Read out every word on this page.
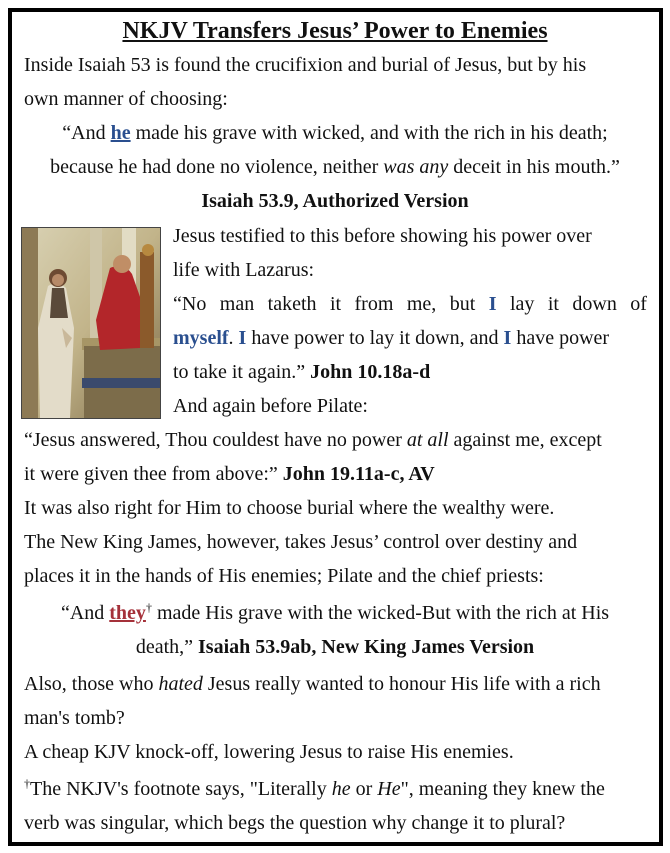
NKJV Transfers Jesus’ Power to Enemies
Inside Isaiah 53 is found the crucifixion and burial of Jesus, but by his
own manner of choosing:
“And he made his grave with wicked, and with the rich in his death;
because he had done no violence, neither was any deceit in his mouth.”
Isaiah 53.9, Authorized Version
Jesus testified to this before showing his power over
life with Lazarus:
“No man taketh it from me, but I lay it down of
myself. I have power to lay it down, and I have power
to take it again.” John 10.18a-d
And again before Pilate:
“Jesus answered, Thou couldest have no power at all against me, except
it were given thee from above:” John 19.11a-c, AV
It was also right for Him to choose burial where the wealthy were.
The New King James, however, takes Jesus’ control over destiny and
places it in the hands of His enemies; Pilate and the chief priests:
“And they† made His grave with the wicked-But with the rich at His
death,” Isaiah 53.9ab, New King James Version
Also, those who hated Jesus really wanted to honour His life with a rich
man's tomb?
A cheap KJV knock-off, lowering Jesus to raise His enemies.
†The NKJV's footnote says, "Literally he or He", meaning they knew the
verb was singular, which begs the question why change it to plural?
